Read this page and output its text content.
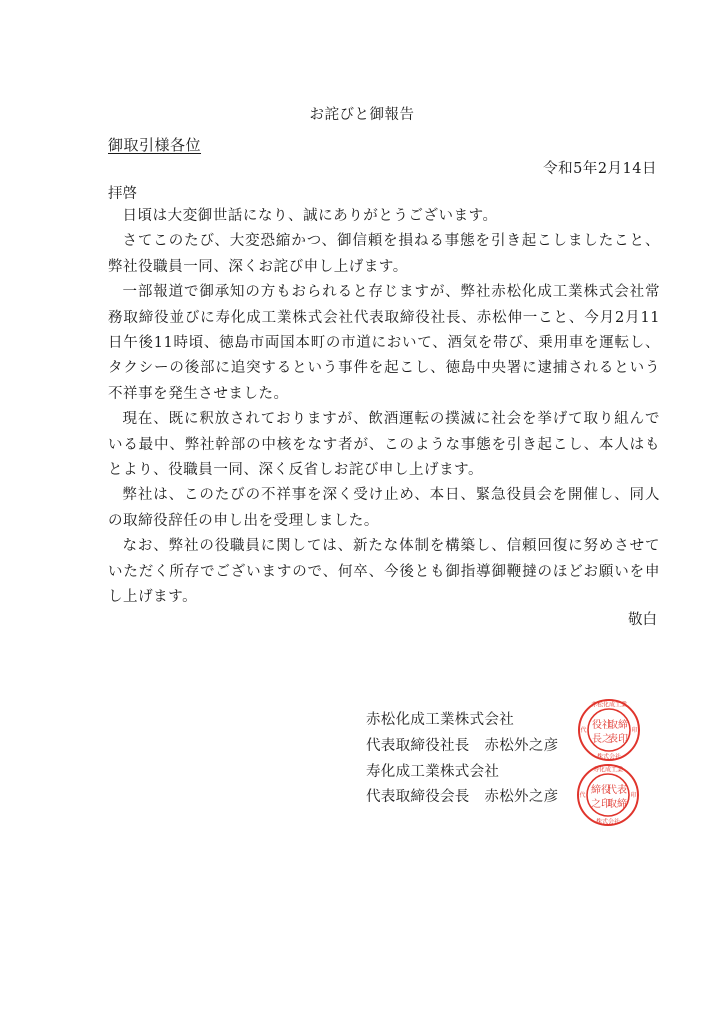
お詫びと御報告
御取引様各位
令和5年2月14日
拝啓

日頃は大変御世話になり、誠にありがとうございます。

さてこのたび、大変恐縮かつ、御信頼を損ねる事態を引き起こしましたこと、弊社役職員一同、深くお詫び申し上げます。

一部報道で御承知の方もおられると存じますが、弊社赤松化成工業株式会社常務取締役並びに寿化成工業株式会社代表取締役社長、赤松伸一こと、今月2月11日午後11時頃、徳島市両国本町の市道において、酒気を帯び、乗用車を運転し、タクシーの後部に追突するという事件を起こし、徳島中央署に逮捕されるという不祥事を発生させました。

現在、既に釈放されておりますが、飲酒運転の撲滅に社会を挙げて取り組んでいる最中、弊社幹部の中核をなす者が、このような事態を引き起こし、本人はもとより、役職員一同、深く反省しお詫び申し上げます。

弊社は、このたびの不祥事を深く受け止め、本日、緊急役員会を開催し、同人の取締役辞任の申し出を受理しました。

なお、弊社の役職員に関しては、新たな体制を構築し、信頼回復に努めさせていただく所存でございますので、何卒、今後とも御指導御鞭撻のほどお願いを申し上げます。

敬白
赤松化成工業株式会社
代表取締役社長　 赤松外之彦
寿化成工業株式会社
代表取締役会長　 赤松外之彦
赤松化成工業
株式会社
代	印
役社
取締
長之
表印
寿化成工業
株式会社
代	印
締役
代表
之印
取締
